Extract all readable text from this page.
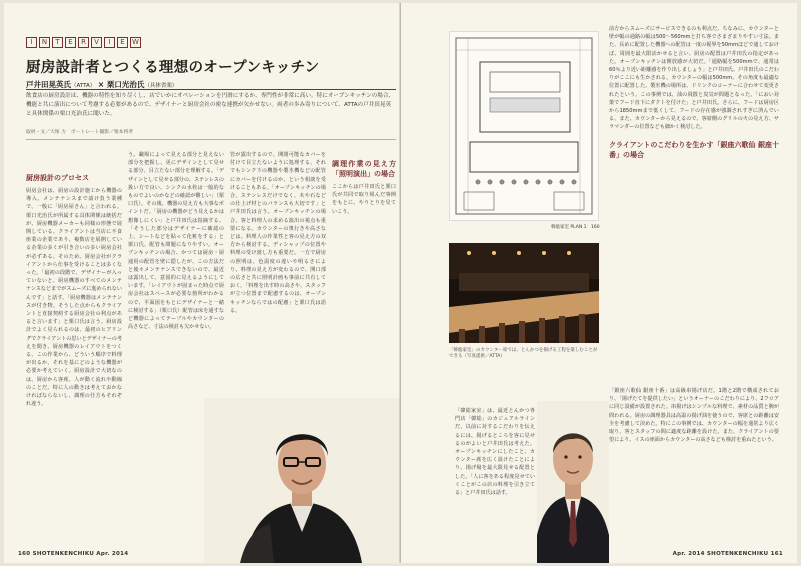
I	N	T	E	R	V	I	E	W
厨房設計者とつくる理想のオープンキッチン
戸井田晃英氏（ATTA） × 栗口光治氏（具体省楽）
飲食店の厨房設計は、機器の特性を知り尽くし、店でいかにオペレーションを円滑にするか、専門性が非常に高い。特にオープンキッチンの場合、機能と共に演出について考慮する必要があるので、デザイナーと厨房会社の密な連携が欠かせない。両者の歩み寄りについて、ATTAの戸井田晃英と具体関係の栗口光治氏に聞いた。
取材・文／大塚 力　ポートレート撮影／栗本将孝
厨房設計のプロセス

厨房会社は、厨房の設計施工から機器の導入、メンテナンスまで請け負う業種で、一般に「厨房屋さん」と言われる。栗口光治氏が所属する具体関係は統括だが、厨房機器メーカーも同様の形態で展開している。クライアントは当店に不食座業の企業であり、複数店を展開している企業の多くが引き合いの多い厨房会社が必ずある。そのため、厨房会社がクライアントから仕事を受けることは多くなった。「最初の段階で、デザイナーが入っていないと、厨房機器のすべてのメンテナンスなどまでがスムーズに進められないんです」と話す。「厨房機器はメンテナンスが付き物。そうした点からもクライアントと直接契約する厨房会社の利点があると言います」と栗口氏は言う。厨房設計でよく見られるのは、最初のヒアリングでクライアントの思いとデザイナーの考えを聞き、厨房機器のレイアウトをつくる。この作業から、どういう順序で料理が出るか、それを基にどのような機器が必要か考えていく。厨房設計で大切なのは、厨房から客席、人が動く流れや動線のことだ。特に人の動きは考えておかなければならないし、調理の仕方もそれぞれ違う。

う。職場によって見える部分と見えない部分を把握し、更にデザインとして見せる部分、目立たない部分を理解する。「デザインとして見せる部分の、ステンレスの扱い方で良い、シンクの水栓は一般的なものでよいのかなどの確認が難しい」（栗口氏）。その後、機器の見え方も大事なポイントだ。「厨房の機器がどう見えるかは想像しにくい」と戸井田氏は指摘する。「そうした部分はデザイナーに確認の上、シートなどを貼って化粧をする」と栗口氏。配管も問題になりやすい。オープンキッチンの場合、かつては厨房・厨通用の配管を壁に隠したが、この方法だと後々メンテナンスできないので、最近は露出して、意図的に見えるようにしています。「レイアウトが固まった時点で厨房会社はスペースが必要な箇所がわかるので、平面図をもとにデザイナーと一緒に検討する」（栗口氏）配管は床を通すなど機器によってテーブルやカウンターの高さなど、寸法の検討も欠かせない。

管が露出するので、開閉可能なカバーを付けて目立たないように処理する。それでもシンク下の機器や製氷機などの配管にカバーを付けるのか、という相談を受けることもある。「オープンキッチンの場合、ステンレスだけでなく、木や石などの仕上げ材とのバランスも大切です」と戸井田氏は言う。オープンキッチンの場合、客と料理人の求める演出の視点も重要になる。カウンターの奥行きや高さなどは、料理人の作業性と客の見え方の双方から検討する。ディシャップの位置や料理の受け渡し方も重要だ。一方で厨房の照明は、色温度の違いや明るさにより、料理の見え方が変わるので、開口部の広さと共に照明計画も事前に共有しておく。「料理を出す時の高さや、スタッフが立つ位置まで配慮するのは、オープンキッチンならではの配慮」と栗口氏は語る。

調理作業の見え方「照明演出」の場合

ここからは戸井田氏と栗口氏が共同で取り組んだ事例をもとに、やりとりを見ていこう。

韓総家室 PLAN 1：160
「韓総家室」のカウンター席では、とんかつを揚げる工程を楽しむことができる（写真提供／ATTA）

前方からスムーズにサービスできるのも利点だ。ちなみに、カウンターと壁が幅の通路の幅は500～560mmと打ち客でさまざまりやすい寸法。また、長めに配置した機器への配管は一度の視界を50mmほどで通しておけば、周囲を最大限活かせると言い、厨房の配置は戸井田氏の指定があった。オープンキッチンは開放感が大切だ。「通路幅を500mmで、通常は60％より近い距離感を作り出しましょう」と戸井田氏。戸井田氏のこだわりがここにも生かされる。カウンターの幅は500mm。その角度も最適な位置に配置した。製氷機の場所は、ドリンクのコーナーに合わせて変更されたという。この事例では、油の飛散と臭気が問題となった。「におい対策でフード直下にダクトを付けた」と戸井田氏。さらに、フードは厨房区から1850mmまで低くして、フードの存在感が強調されすぎに済んでいる。また、カウンターから見えるので、客席側のグリルの火の見え方、サラマンダーの位置なども細かく検討した。

クライアントのこだわりを生かす「銀座六歌仙 銀座十番」の場合

「銀座六歌仙 銀座十番」は高級串揚げ店だ。1階と2階で構成されており、「揚げたてを提供したい」というオーナーのこだわりにより、2フロアに同じ設備が設置された。串揚げはシンプルな料理で、素材の品質と腕が問われる。厨房の調理器具は高温の揚げ油を使うので、客席との距離は安全を考慮して決めた。特にこの事例では、カウンターの幅を通常より広く取り、客とスタッフの間に適度な距離を設けた。また、クライアントの要望により、イスの座面からカウンターの高さなども検討を重ねたという。

「韓総家室」は、最近とんかつ専門店「韓総」のカジュアルラインだ。以前に対するこだわりを伝えるには、揚げるところを客に見せるのがよいと戸井田氏は考えた。オープンキッチンにしたこと、カウンター席を広く設けたことにより、揚げ場を最大限見せる配置とした。「人に客をある程度見せていくことがこの店の料理を引き立てる」と戸井田氏は話す。

160 SHOTENKENCHIKU Apr. 2014	Apr. 2014 SHOTENKENCHIKU 161
